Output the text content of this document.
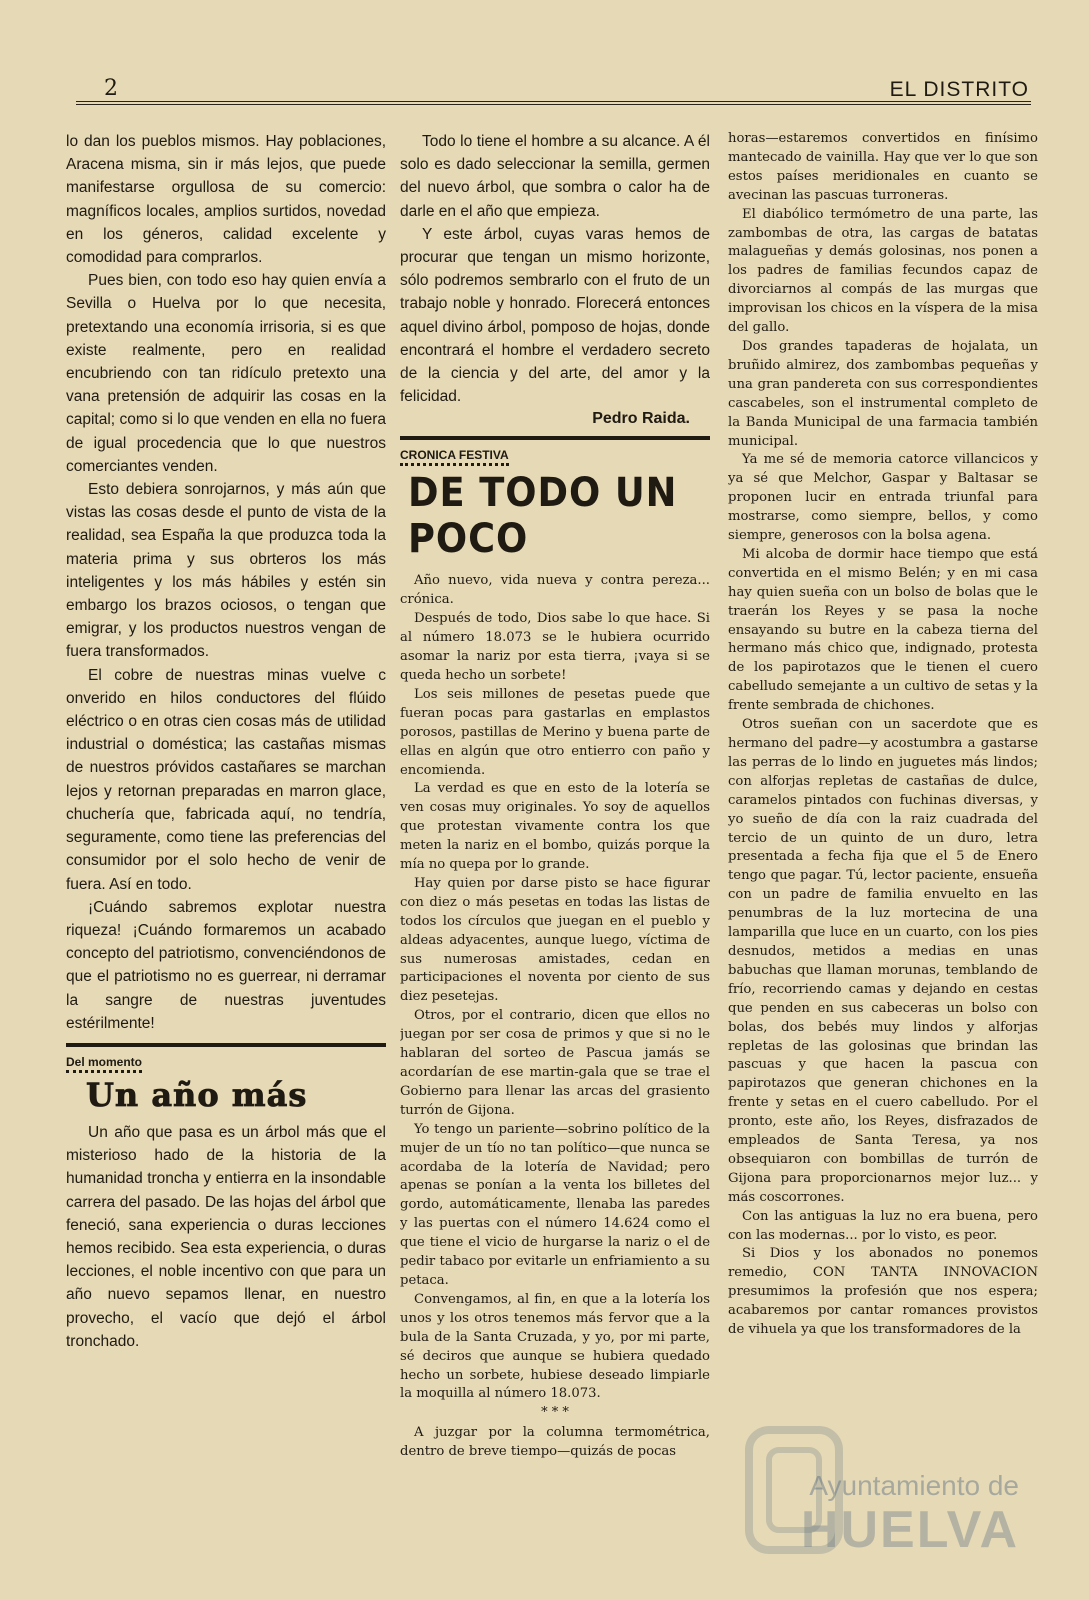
2	EL DISTRITO

lo dan los pueblos mismos. Hay poblaciones, Aracena misma, sin ir más lejos, que puede manifestarse orgullosa de su comercio: magníficos locales, amplios surtidos, novedad en los géneros, calidad excelente y comodidad para comprarlos.

Pues bien, con todo eso hay quien envía a Sevilla o Huelva por lo que necesita, pretextando una economía irrisoria, si es que existe realmente, pero en realidad encubriendo con tan ridículo pretexto una vana pretensión de adquirir las cosas en la capital; como si lo que venden en ella no fuera de igual procedencia que lo que nuestros comerciantes venden.

Esto debiera sonrojarnos, y más aún que vistas las cosas desde el punto de vista de la realidad, sea España la que produzca toda la materia prima y sus obrteros los más inteligentes y los más hábiles y estén sin embargo los brazos ociosos, o tengan que emigrar, y los productos nuestros vengan de fuera transformados.

El cobre de nuestras minas vuelve c onverido en hilos conductores del flúido eléctrico o en otras cien cosas más de utilidad industrial o doméstica; las castañas mismas de nuestros próvidos castañares se marchan lejos y retornan preparadas en marron glace, chuchería que, fabricada aquí, no tendría, seguramente, como tiene las preferencias del consumidor por el solo hecho de venir de fuera. Así en todo.

¡Cuándo sabremos explotar nuestra riqueza! ¡Cuándo formaremos un acabado concepto del patriotismo, convenciéndonos de que el patriotismo no es guerrear, ni derramar la sangre de nuestras juventudes estérilmente!

Del momento
Un año más

Un año que pasa es un árbol más que el misterioso hado de la historia de la humanidad troncha y entierra en la insondable carrera del pasado. De las hojas del árbol que feneció, sana experiencia o duras lecciones hemos recibido. Sea esta experiencia, o duras lecciones, el noble incentivo con que para un año nuevo sepamos llenar, en nuestro provecho, el vacío que dejó el árbol tronchado.

Todo lo tiene el hombre a su alcance. A él solo es dado seleccionar la semilla, germen del nuevo árbol, que sombra o calor ha de darle en el año que empieza.

Y este árbol, cuyas varas hemos de procurar que tengan un mismo horizonte, sólo podremos sembrarlo con el fruto de un trabajo noble y honrado. Florecerá entonces aquel divino árbol, pomposo de hojas, donde encontrará el hombre el verdadero secreto de la ciencia y del arte, del amor y la felicidad.

Pedro Raida.
CRONICA FESTIVA
DE TODO UN POCO

Año nuevo, vida nueva y contra pereza... crónica.

Después de todo, Dios sabe lo que hace. Si al número 18.073 se le hubiera ocurrido asomar la nariz por esta tierra, ¡vaya si se queda hecho un sorbete!

Los seis millones de pesetas puede que fueran pocas para gastarlas en emplastos porosos, pastillas de Merino y buena parte de ellas en algún que otro entierro con paño y encomienda.

La verdad es que en esto de la lotería se ven cosas muy originales. Yo soy de aquellos que protestan vivamente contra los que meten la nariz en el bombo, quizás porque la mía no quepa por lo grande.

Hay quien por darse pisto se hace figurar con diez o más pesetas en todas las listas de todos los círculos que juegan en el pueblo y aldeas adyacentes, aunque luego, víctima de sus numerosas amistades, cedan en participaciones el noventa por ciento de sus diez pesetejas.

Otros, por el contrario, dicen que ellos no juegan por ser cosa de primos y que si no le hablaran del sorteo de Pascua jamás se acordarían de ese martin-gala que se trae el Gobierno para llenar las arcas del grasiento turrón de Gijona.

Yo tengo un pariente—sobrino político de la mujer de un tío no tan político—que nunca se acordaba de la lotería de Navidad; pero apenas se ponían a la venta los billetes del gordo, automáticamente, llenaba las paredes y las puertas con el número 14.624 como el que tiene el vicio de hurgarse la nariz o el de pedir tabaco por evitarle un enfriamiento a su petaca.

Convengamos, al fin, en que a la lotería los unos y los otros tenemos más fervor que a la bula de la Santa Cruzada, y yo, por mi parte, sé deciros que aunque se hubiera quedado hecho un sorbete, hubiese deseado limpiarle la moquilla al número 18.073.

* * *

A juzgar por la columna termométrica, dentro de breve tiempo—quizás de pocas

horas—estaremos convertidos en finísimo mantecado de vainilla. Hay que ver lo que son estos países meridionales en cuanto se avecinan las pascuas turroneras.

El diabólico termómetro de una parte, las zambombas de otra, las cargas de batatas malagueñas y demás golosinas, nos ponen a los padres de familias fecundos capaz de divorciarnos al compás de las murgas que improvisan los chicos en la víspera de la misa del gallo.

Dos grandes tapaderas de hojalata, un bruñido almirez, dos zambombas pequeñas y una gran pandereta con sus correspondientes cascabeles, son el instrumental completo de la Banda Municipal de una farmacia también municipal.

Ya me sé de memoria catorce villancicos y ya sé que Melchor, Gaspar y Baltasar se proponen lucir en entrada triunfal para mostrarse, como siempre, bellos, y como siempre, generosos con la bolsa agena.

Mi alcoba de dormir hace tiempo que está convertida en el mismo Belén; y en mi casa hay quien sueña con un bolso de bolas que le traerán los Reyes y se pasa la noche ensayando su butre en la cabeza tierna del hermano más chico que, indignado, protesta de los papirotazos que le tienen el cuero cabelludo semejante a un cultivo de setas y la frente sembrada de chichones.

Otros sueñan con un sacerdote que es hermano del padre—y acostumbra a gastarse las perras de lo lindo en juguetes más lindos; con alforjas repletas de castañas de dulce, caramelos pintados con fuchinas diversas, y yo sueño de día con la raiz cuadrada del tercio de un quinto de un duro, letra presentada a fecha fija que el 5 de Enero tengo que pagar. Tú, lector paciente, ensueña con un padre de familia envuelto en las penumbras de la luz mortecina de una lamparilla que luce en un cuarto, con los pies desnudos, metidos a medias en unas babuchas que llaman morunas, temblando de frío, recorriendo camas y dejando en cestas que penden en sus cabeceras un bolso con bolas, dos bebés muy lindos y alforjas repletas de las golosinas que brindan las pascuas y que hacen la pascua con papirotazos que generan chichones en la frente y setas en el cuero cabelludo. Por el pronto, este año, los Reyes, disfrazados de empleados de Santa Teresa, ya nos obsequiaron con bombillas de turrón de Gijona para proporcionarnos mejor luz... y más coscorrones.

Con las antiguas la luz no era buena, pero con las modernas... por lo visto, es peor.

Si Dios y los abonados no ponemos remedio, CON TANTA INNOVACION presumimos la profesión que nos espera; acabaremos por cantar romances provistos de vihuela ya que los transformadores de la

Ayuntamiento de
HUELVA
